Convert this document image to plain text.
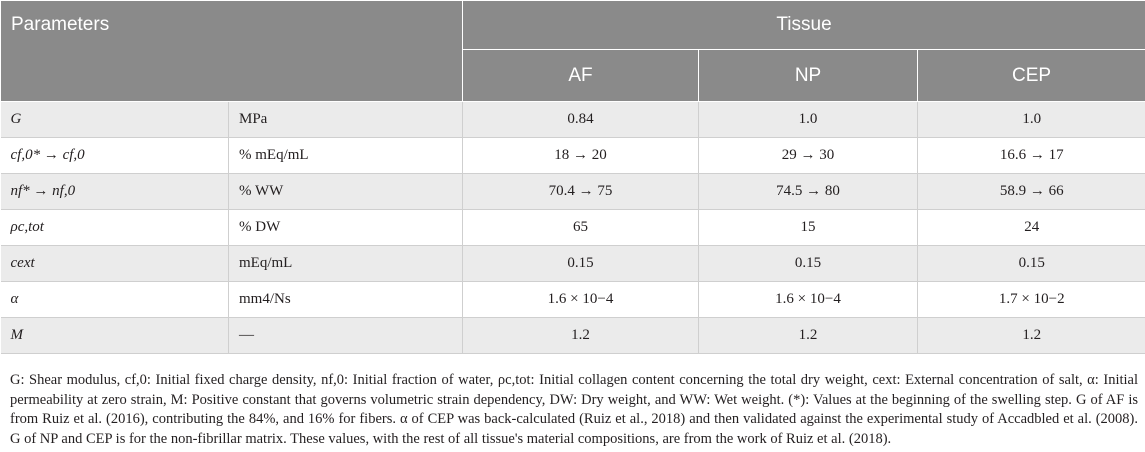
Parameters		Tissue		
		AF	NP	CEP
G	MPa	0.84	1.0	1.0
cf,0* → cf,0	% mEq/mL	18 → 20	29 → 30	16.6 → 17
nf* → nf,0	% WW	70.4 → 75	74.5 → 80	58.9 → 66
ρc,tot	% DW	65	15	24
cext	mEq/mL	0.15	0.15	0.15
α	mm4/Ns	1.6 × 10−4	1.6 × 10−4	1.7 × 10−2
M	—	1.2	1.2	1.2
G: Shear modulus, cf,0: Initial fixed charge density, nf,0: Initial fraction of water, ρc,tot: Initial collagen content concerning the total dry weight, cext: External concentration of salt, α: Initial permeability at zero strain, M: Positive constant that governs volumetric strain dependency, DW: Dry weight, and WW: Wet weight. (*): Values at the beginning of the swelling step. G of AF is from Ruiz et al. (2016), contributing the 84%, and 16% for fibers. α of CEP was back-calculated (Ruiz et al., 2018) and then validated against the experimental study of Accadbled et al. (2008). G of NP and CEP is for the non-fibrillar matrix. These values, with the rest of all tissue's material compositions, are from the work of Ruiz et al. (2018).
